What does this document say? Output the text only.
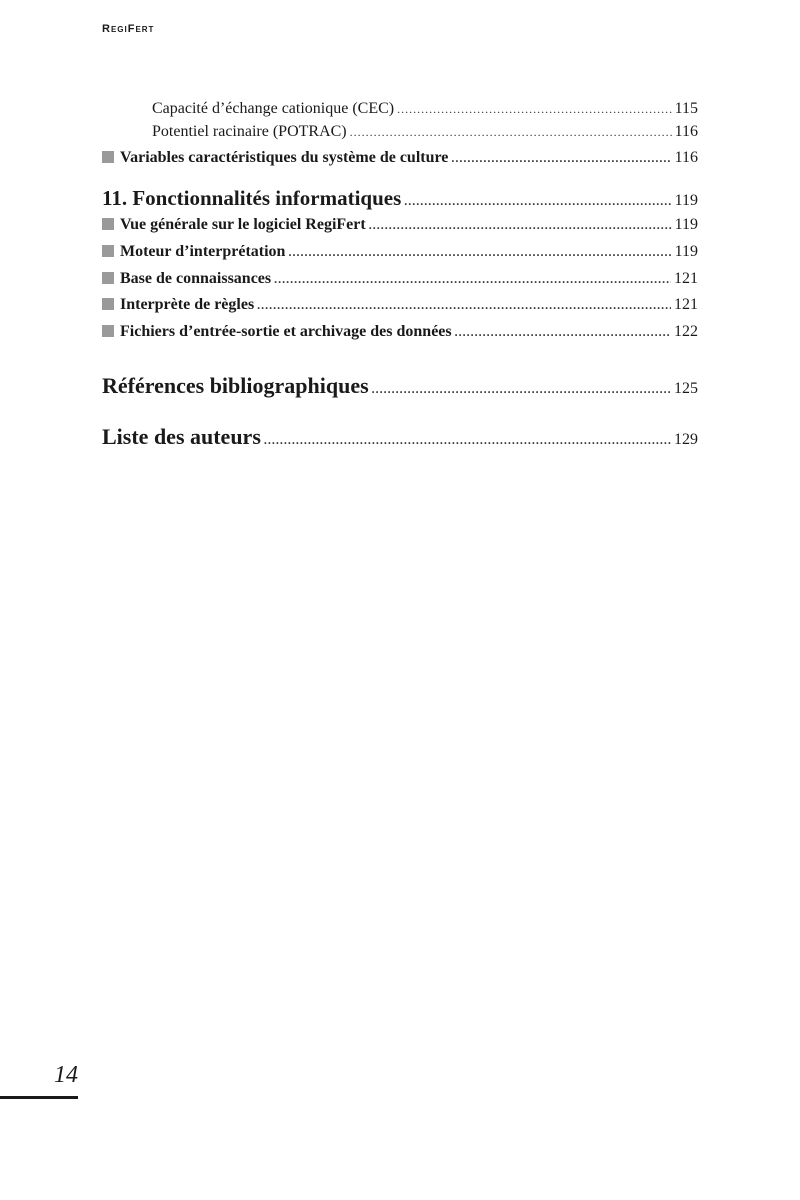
RegiFert
Capacité d’échange cationique (CEC) .....	115
Potentiel racinaire (POTRAC) .....	116
Variables caractéristiques du système de culture .....	116
11. Fonctionnalités informatiques .....	119
Vue générale sur le logiciel RegiFert .....	119
Moteur d’interprétation .....	119
Base de connaissances .....	121
Interprète de règles .....	121
Fichiers d’entrée-sortie et archivage des données .....	122
Références bibliographiques .....	125
Liste des auteurs .....	129
14
